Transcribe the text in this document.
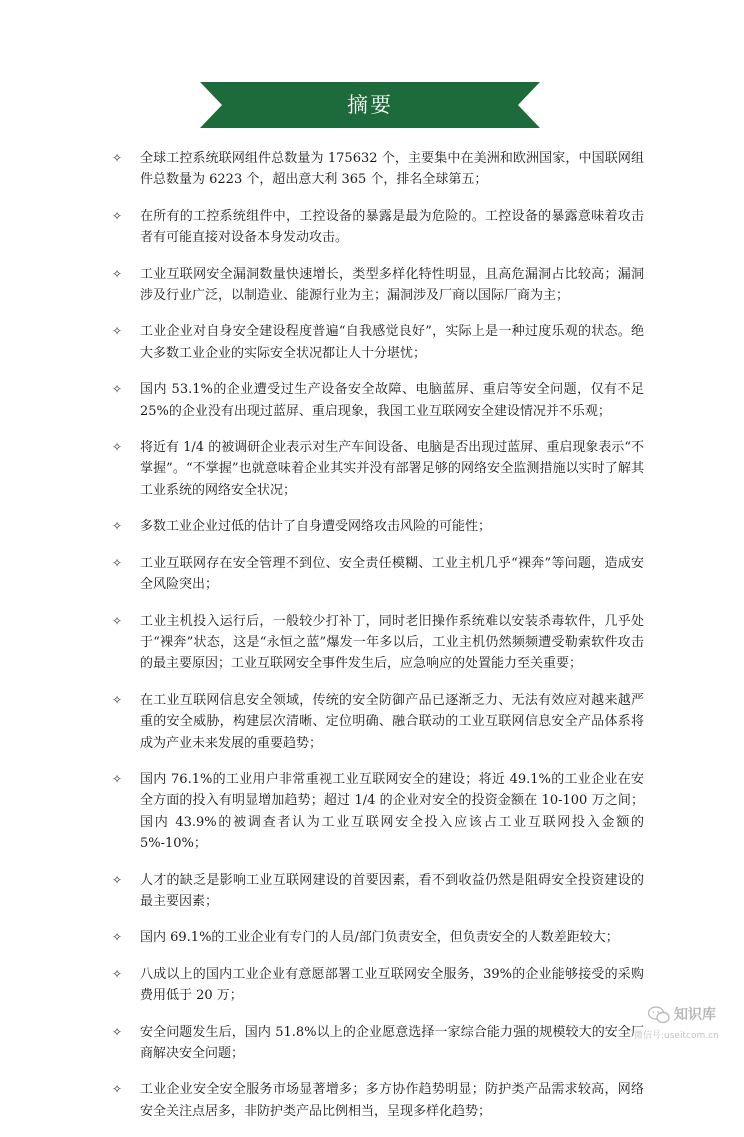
摘要
✧	全球工控系统联网组件总数量为 175632 个，主要集中在美洲和欧洲国家，中国联网组件总数量为 6223 个，超出意大利 365 个，排名全球第五；
✧	在所有的工控系统组件中，工控设备的暴露是最为危险的。工控设备的暴露意味着攻击者有可能直接对设备本身发动攻击。
✧	工业互联网安全漏洞数量快速增长，类型多样化特性明显，且高危漏洞占比较高；漏洞涉及行业广泛，以制造业、能源行业为主；漏洞涉及厂商以国际厂商为主；
✧	工业企业对自身安全建设程度普遍“自我感觉良好”，实际上是一种过度乐观的状态。绝大多数工业企业的实际安全状况都让人十分堪忧；
✧	国内 53.1%的企业遭受过生产设备安全故障、电脑蓝屏、重启等安全问题，仅有不足 25%的企业没有出现过蓝屏、重启现象，我国工业互联网安全建设情况并不乐观；
✧	将近有 1/4 的被调研企业表示对生产车间设备、电脑是否出现过蓝屏、重启现象表示“不掌握”。“不掌握”也就意味着企业其实并没有部署足够的网络安全监测措施以实时了解其工业系统的网络安全状况；
✧	多数工业企业过低的估计了自身遭受网络攻击风险的可能性；
✧	工业互联网存在安全管理不到位、安全责任模糊、工业主机几乎“裸奔”等问题，造成安全风险突出；
✧	工业主机投入运行后，一般较少打补丁，同时老旧操作系统难以安装杀毒软件，几乎处于“裸奔”状态，这是“永恒之蓝”爆发一年多以后，工业主机仍然频频遭受勒索软件攻击的最主要原因；工业互联网安全事件发生后，应急响应的处置能力至关重要；
✧	在工业互联网信息安全领域，传统的安全防御产品已逐渐乏力、无法有效应对越来越严重的安全威胁，构建层次清晰、定位明确、融合联动的工业互联网信息安全产品体系将成为产业未来发展的重要趋势；
✧	国内 76.1%的工业用户非常重视工业互联网安全的建设；将近 49.1%的工业企业在安全方面的投入有明显增加趋势；超过 1/4 的企业对安全的投资金额在 10-100 万之间；国内 43.9%的被调查者认为工业互联网安全投入应该占工业互联网投入金额的 5%-10%；
✧	人才的缺乏是影响工业互联网建设的首要因素，看不到收益仍然是阻碍安全投资建设的最主要因素；
✧	国内 69.1%的工业企业有专门的人员/部门负责安全，但负责安全的人数差距较大；
✧	八成以上的国内工业企业有意愿部署工业互联网安全服务，39%的企业能够接受的采购费用低于 20 万；
✧	安全问题发生后，国内 51.8%以上的企业愿意选择一家综合能力强的规模较大的安全厂商解决安全问题；
✧	工业企业安全安全服务市场显著增多；多方协作趋势明显；防护类产品需求较高，网络安全关注点居多，非防护类产品比例相当，呈现多样化趋势；
知识库
微信号:useitcom.cn
